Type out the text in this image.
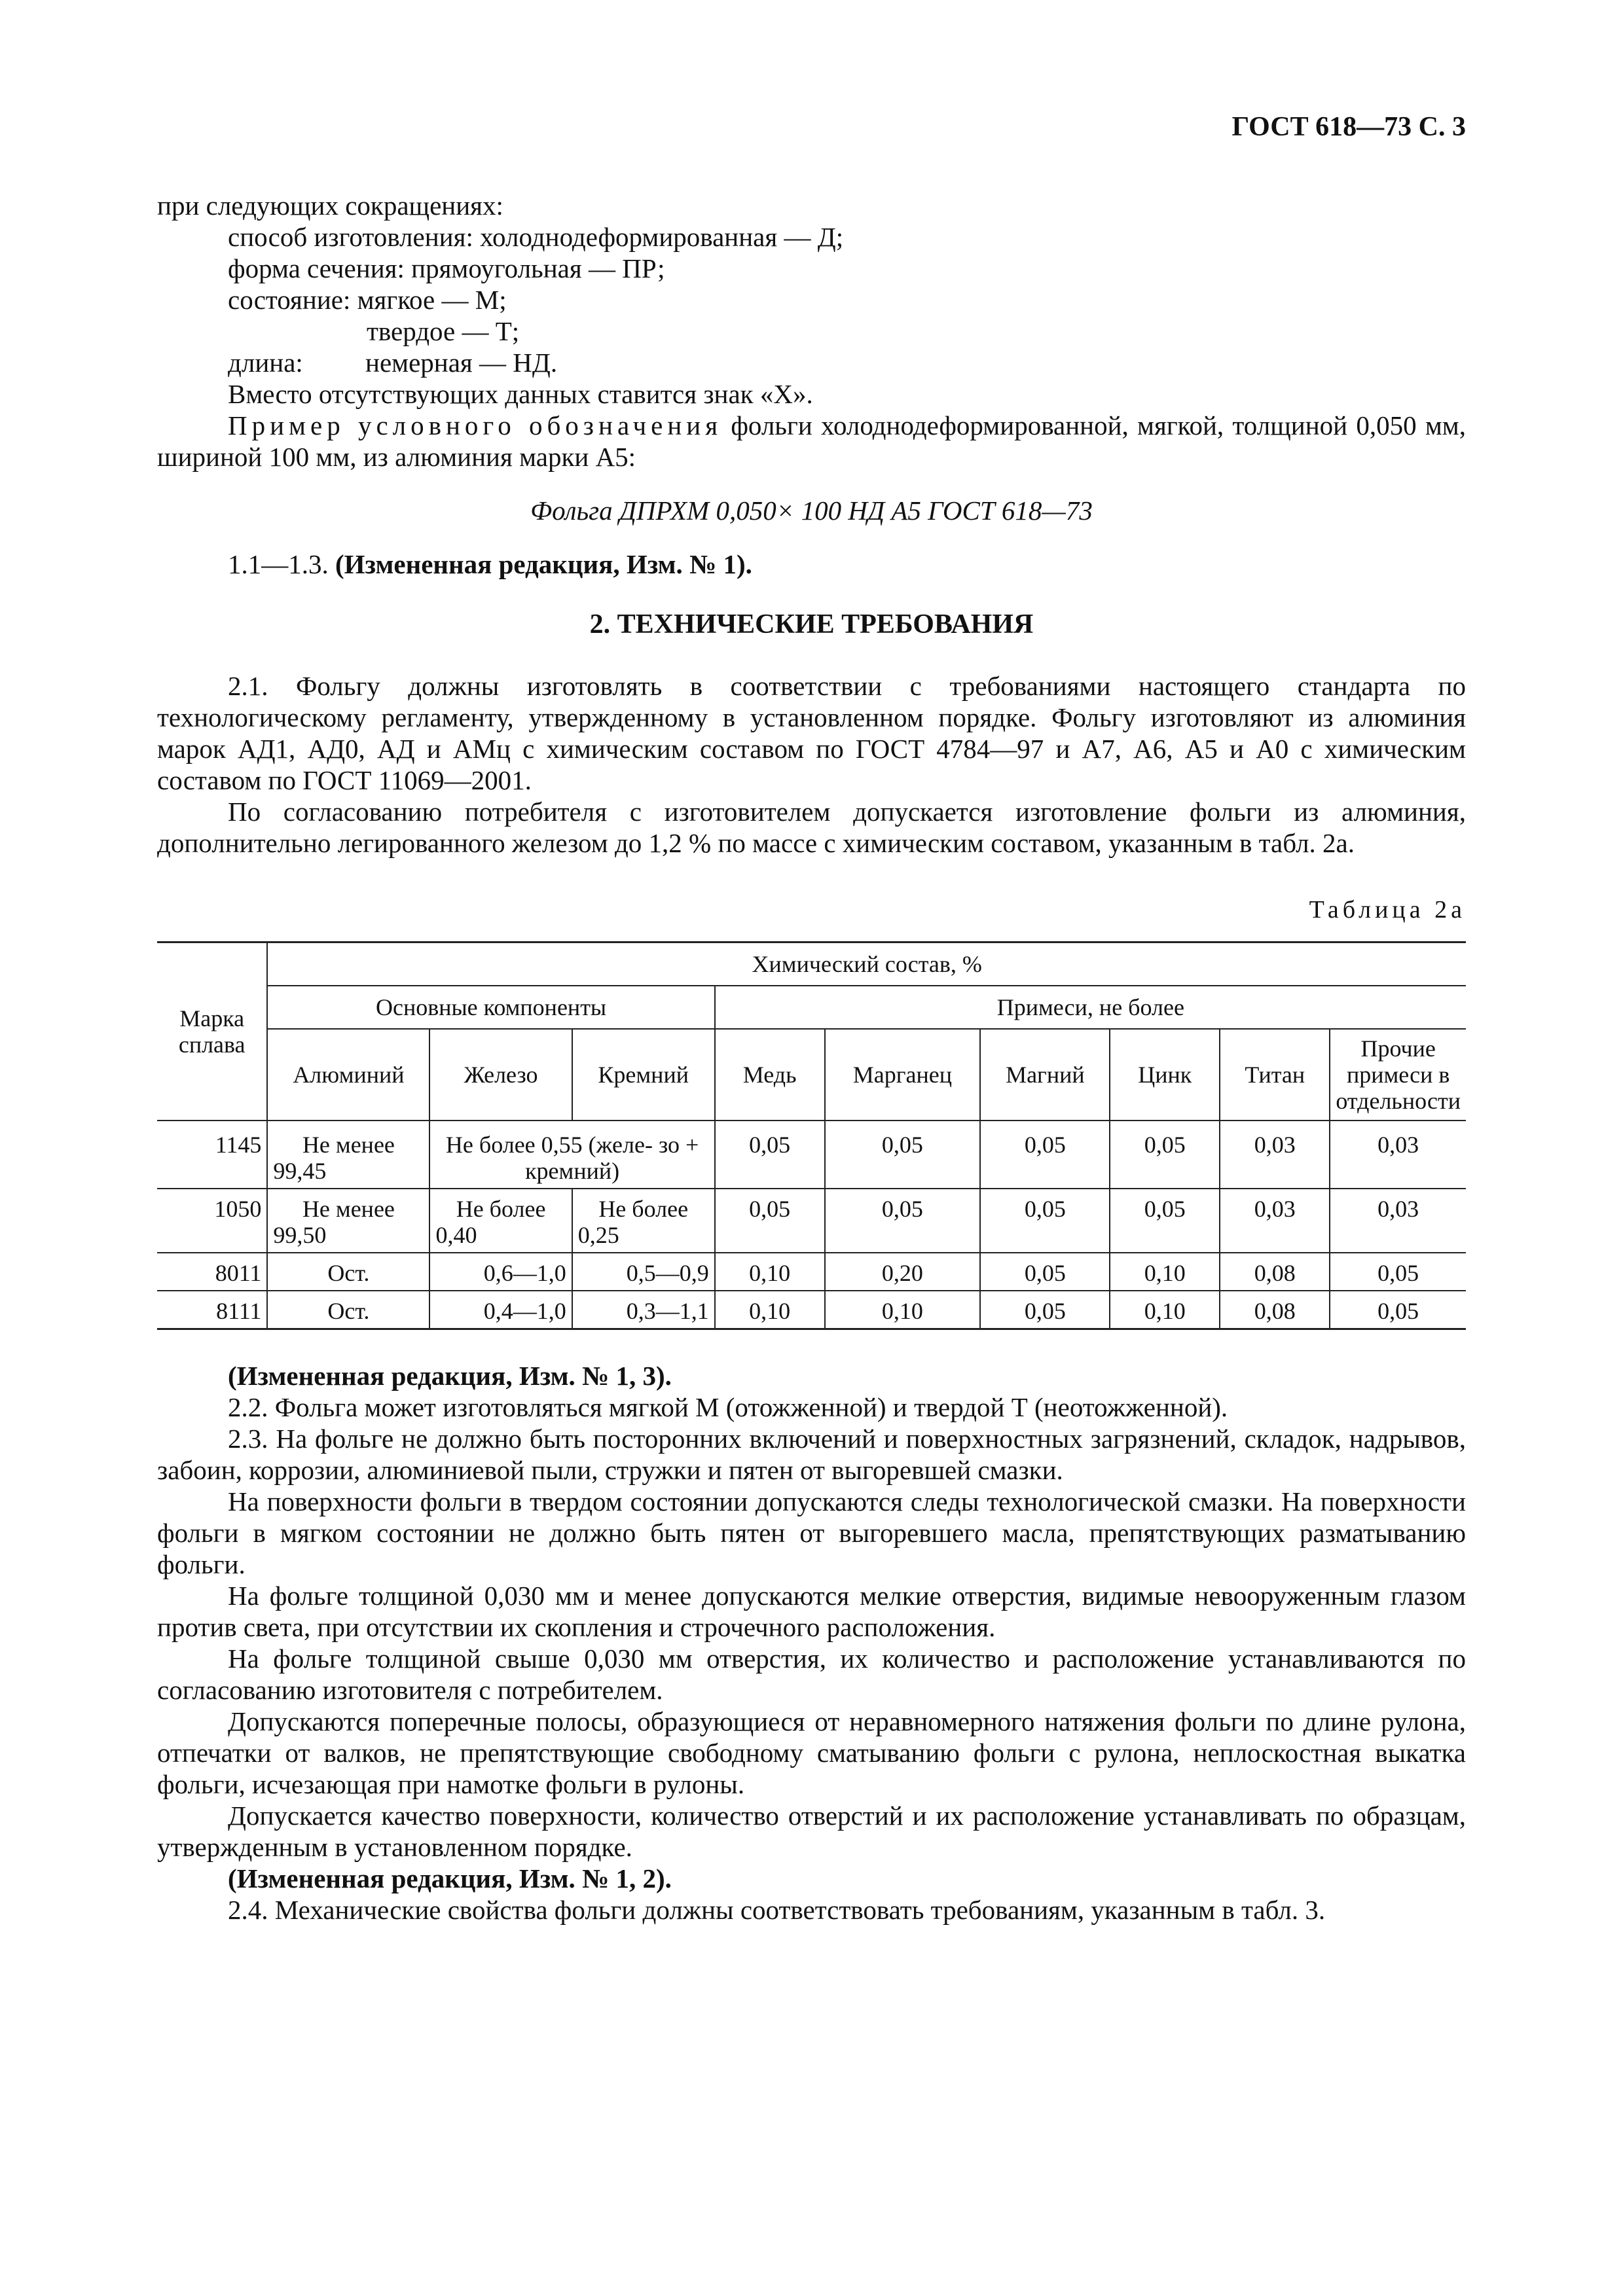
ГОСТ 618—73 С. 3

при следующих сокращениях:

способ изготовления: холоднодеформированная — Д;

форма сечения: прямоугольная — ПР;

состояние: мягкое — М;

твердое — Т;

длина: немерная — НД.

Вместо отсутствующих данных ставится знак «Х».

Пример условного обозначения фольги холоднодеформированной, мягкой, толщиной 0,050 мм, шириной 100 мм, из алюминия марки А5:

Фольга ДПРХМ 0,050× 100 НД А5 ГОСТ 618—73

1.1—1.3. (Измененная редакция, Изм. № 1).

2. ТЕХНИЧЕСКИЕ ТРЕБОВАНИЯ

2.1. Фольгу должны изготовлять в соответствии с требованиями настоящего стандарта по технологическому регламенту, утвержденному в установленном порядке. Фольгу изготовляют из алюминия марок АД1, АД0, АД и АМц с химическим составом по ГОСТ 4784—97 и А7, А6, А5 и А0 с химическим составом по ГОСТ 11069—2001.

По согласованию потребителя с изготовителем допускается изготовление фольги из алюминия, дополнительно легированного железом до 1,2 % по массе с химическим составом, указанным в табл. 2а.

Таблица 2а

Марка сплава	Химический состав, %								
	Основные компоненты			Примеси, не более					
	Алюминий	Железо	Кремний	Медь	Марганец	Магний	Цинк	Титан	Прочие примеси в отдельности
1145	Не менее 99,45	Не более 0,55 (желе- зо + кремний)		0,05	0,05	0,05	0,05	0,03	0,03
1050	Не менее 99,50	Не более 0,40	Не более 0,25	0,05	0,05	0,05	0,05	0,03	0,03
8011	Ост.	0,6—1,0	0,5—0,9	0,10	0,20	0,05	0,10	0,08	0,05
8111	Ост.	0,4—1,0	0,3—1,1	0,10	0,10	0,05	0,10	0,08	0,05

(Измененная редакция, Изм. № 1, 3).

2.2. Фольга может изготовляться мягкой М (отожженной) и твердой Т (неотожженной).

2.3. На фольге не должно быть посторонних включений и поверхностных загрязнений, складок, надрывов, забоин, коррозии, алюминиевой пыли, стружки и пятен от выгоревшей смазки.

На поверхности фольги в твердом состоянии допускаются следы технологической смазки. На поверхности фольги в мягком состоянии не должно быть пятен от выгоревшего масла, препятствующих разматыванию фольги.

На фольге толщиной 0,030 мм и менее допускаются мелкие отверстия, видимые невооруженным глазом против света, при отсутствии их скопления и строчечного расположения.

На фольге толщиной свыше 0,030 мм отверстия, их количество и расположение устанавливаются по согласованию изготовителя с потребителем.

Допускаются поперечные полосы, образующиеся от неравномерного натяжения фольги по длине рулона, отпечатки от валков, не препятствующие свободному сматыванию фольги с рулона, неплоскостная выкатка фольги, исчезающая при намотке фольги в рулоны.

Допускается качество поверхности, количество отверстий и их расположение устанавливать по образцам, утвержденным в установленном порядке.

(Измененная редакция, Изм. № 1, 2).

2.4. Механические свойства фольги должны соответствовать требованиям, указанным в табл. 3.
